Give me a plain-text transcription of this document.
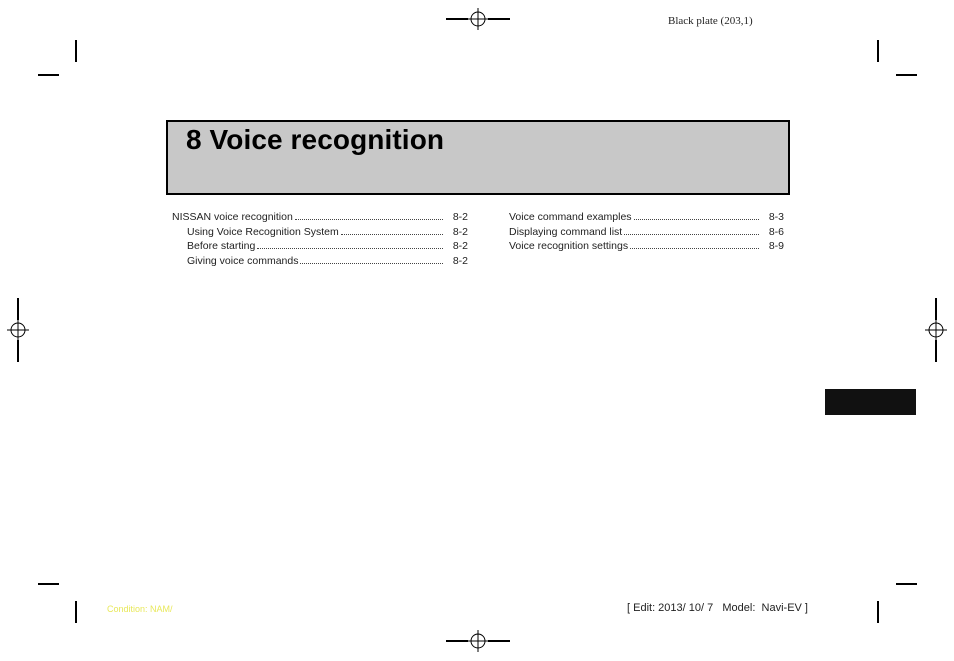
Black plate (203,1)
8 Voice recognition
NISSAN voice recognition	8-2
Using Voice Recognition System	8-2
Before starting	8-2
Giving voice commands	8-2
Voice command examples	8-3
Displaying command list	8-6
Voice recognition settings	8-9
Condition: NAM/	[ Edit: 2013/ 10/ 7   Model:  Navi-EV ]
